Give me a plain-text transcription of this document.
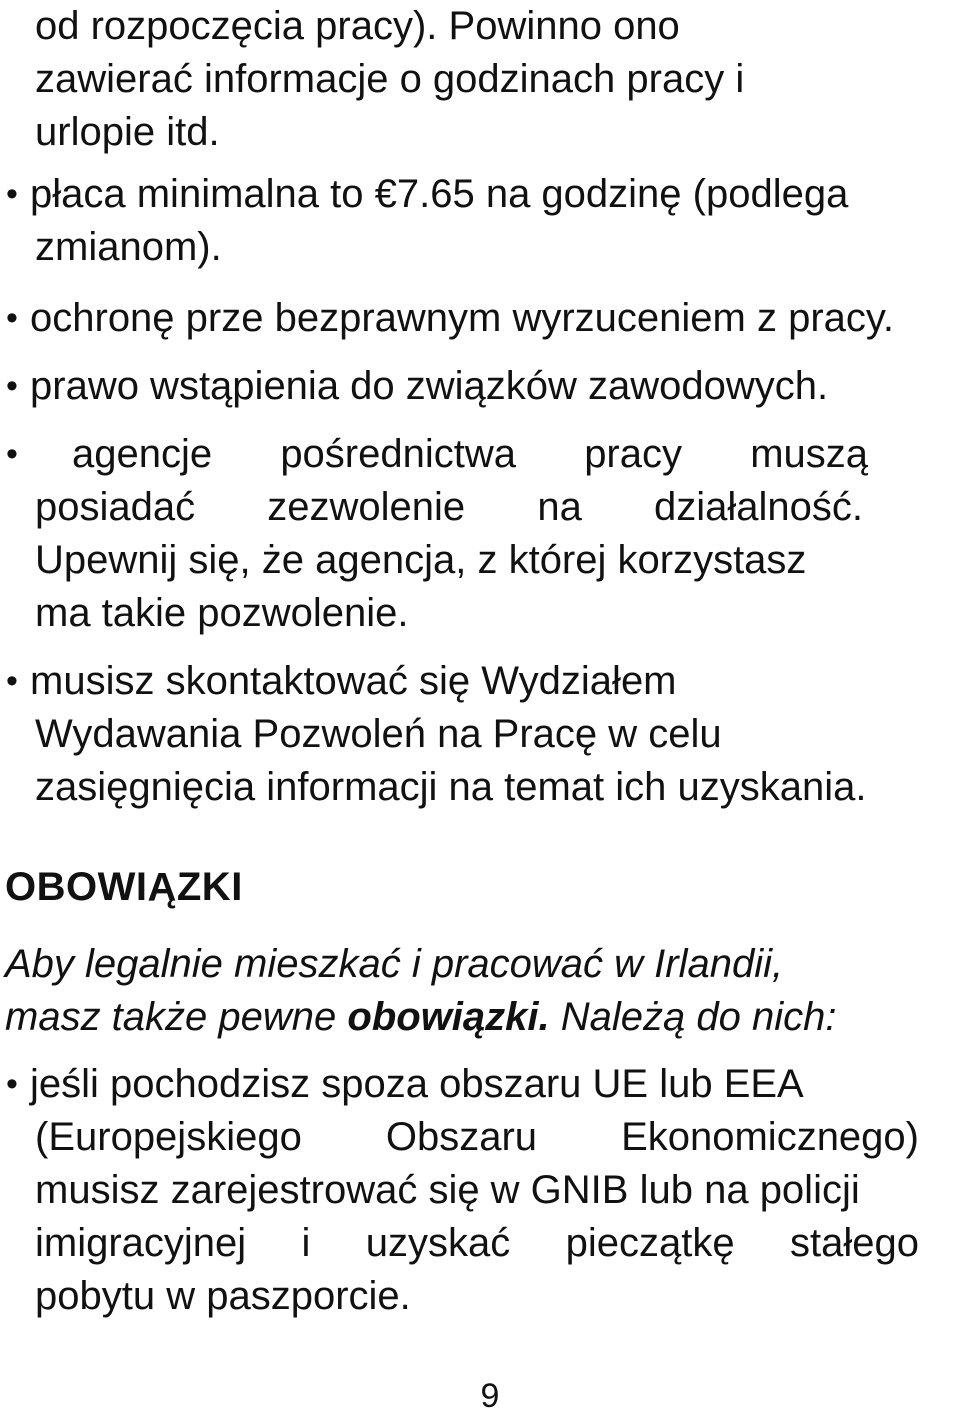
od rozpoczęcia pracy). Powinno ono
zawierać informacje o godzinach pracy i
urlopie itd.
• płaca minimalna to €7.65 na godzinę (podlega
zmianom).
• ochronę prze bezprawnym wyrzuceniem z pracy.
• prawo wstąpienia do związków zawodowych.
• agencje pośrednictwa pracy muszą
posiadać zezwolenie na działalność.
Upewnij się, że agencja, z której korzystasz
ma takie pozwolenie.
• musisz skontaktować się Wydziałem
Wydawania Pozwoleń na Pracę w celu
zasięgnięcia informacji na temat ich uzyskania.
OBOWIĄZKI
Aby legalnie mieszkać i pracować w Irlandii,
masz także pewne obowiązki. Należą do nich:
• jeśli pochodzisz spoza obszaru UE lub EEA
(Europejskiego Obszaru Ekonomicznego)
musisz zarejestrować się w GNIB lub na policji
imigracyjnej i uzyskać pieczątkę stałego
pobytu w paszporcie.
9
